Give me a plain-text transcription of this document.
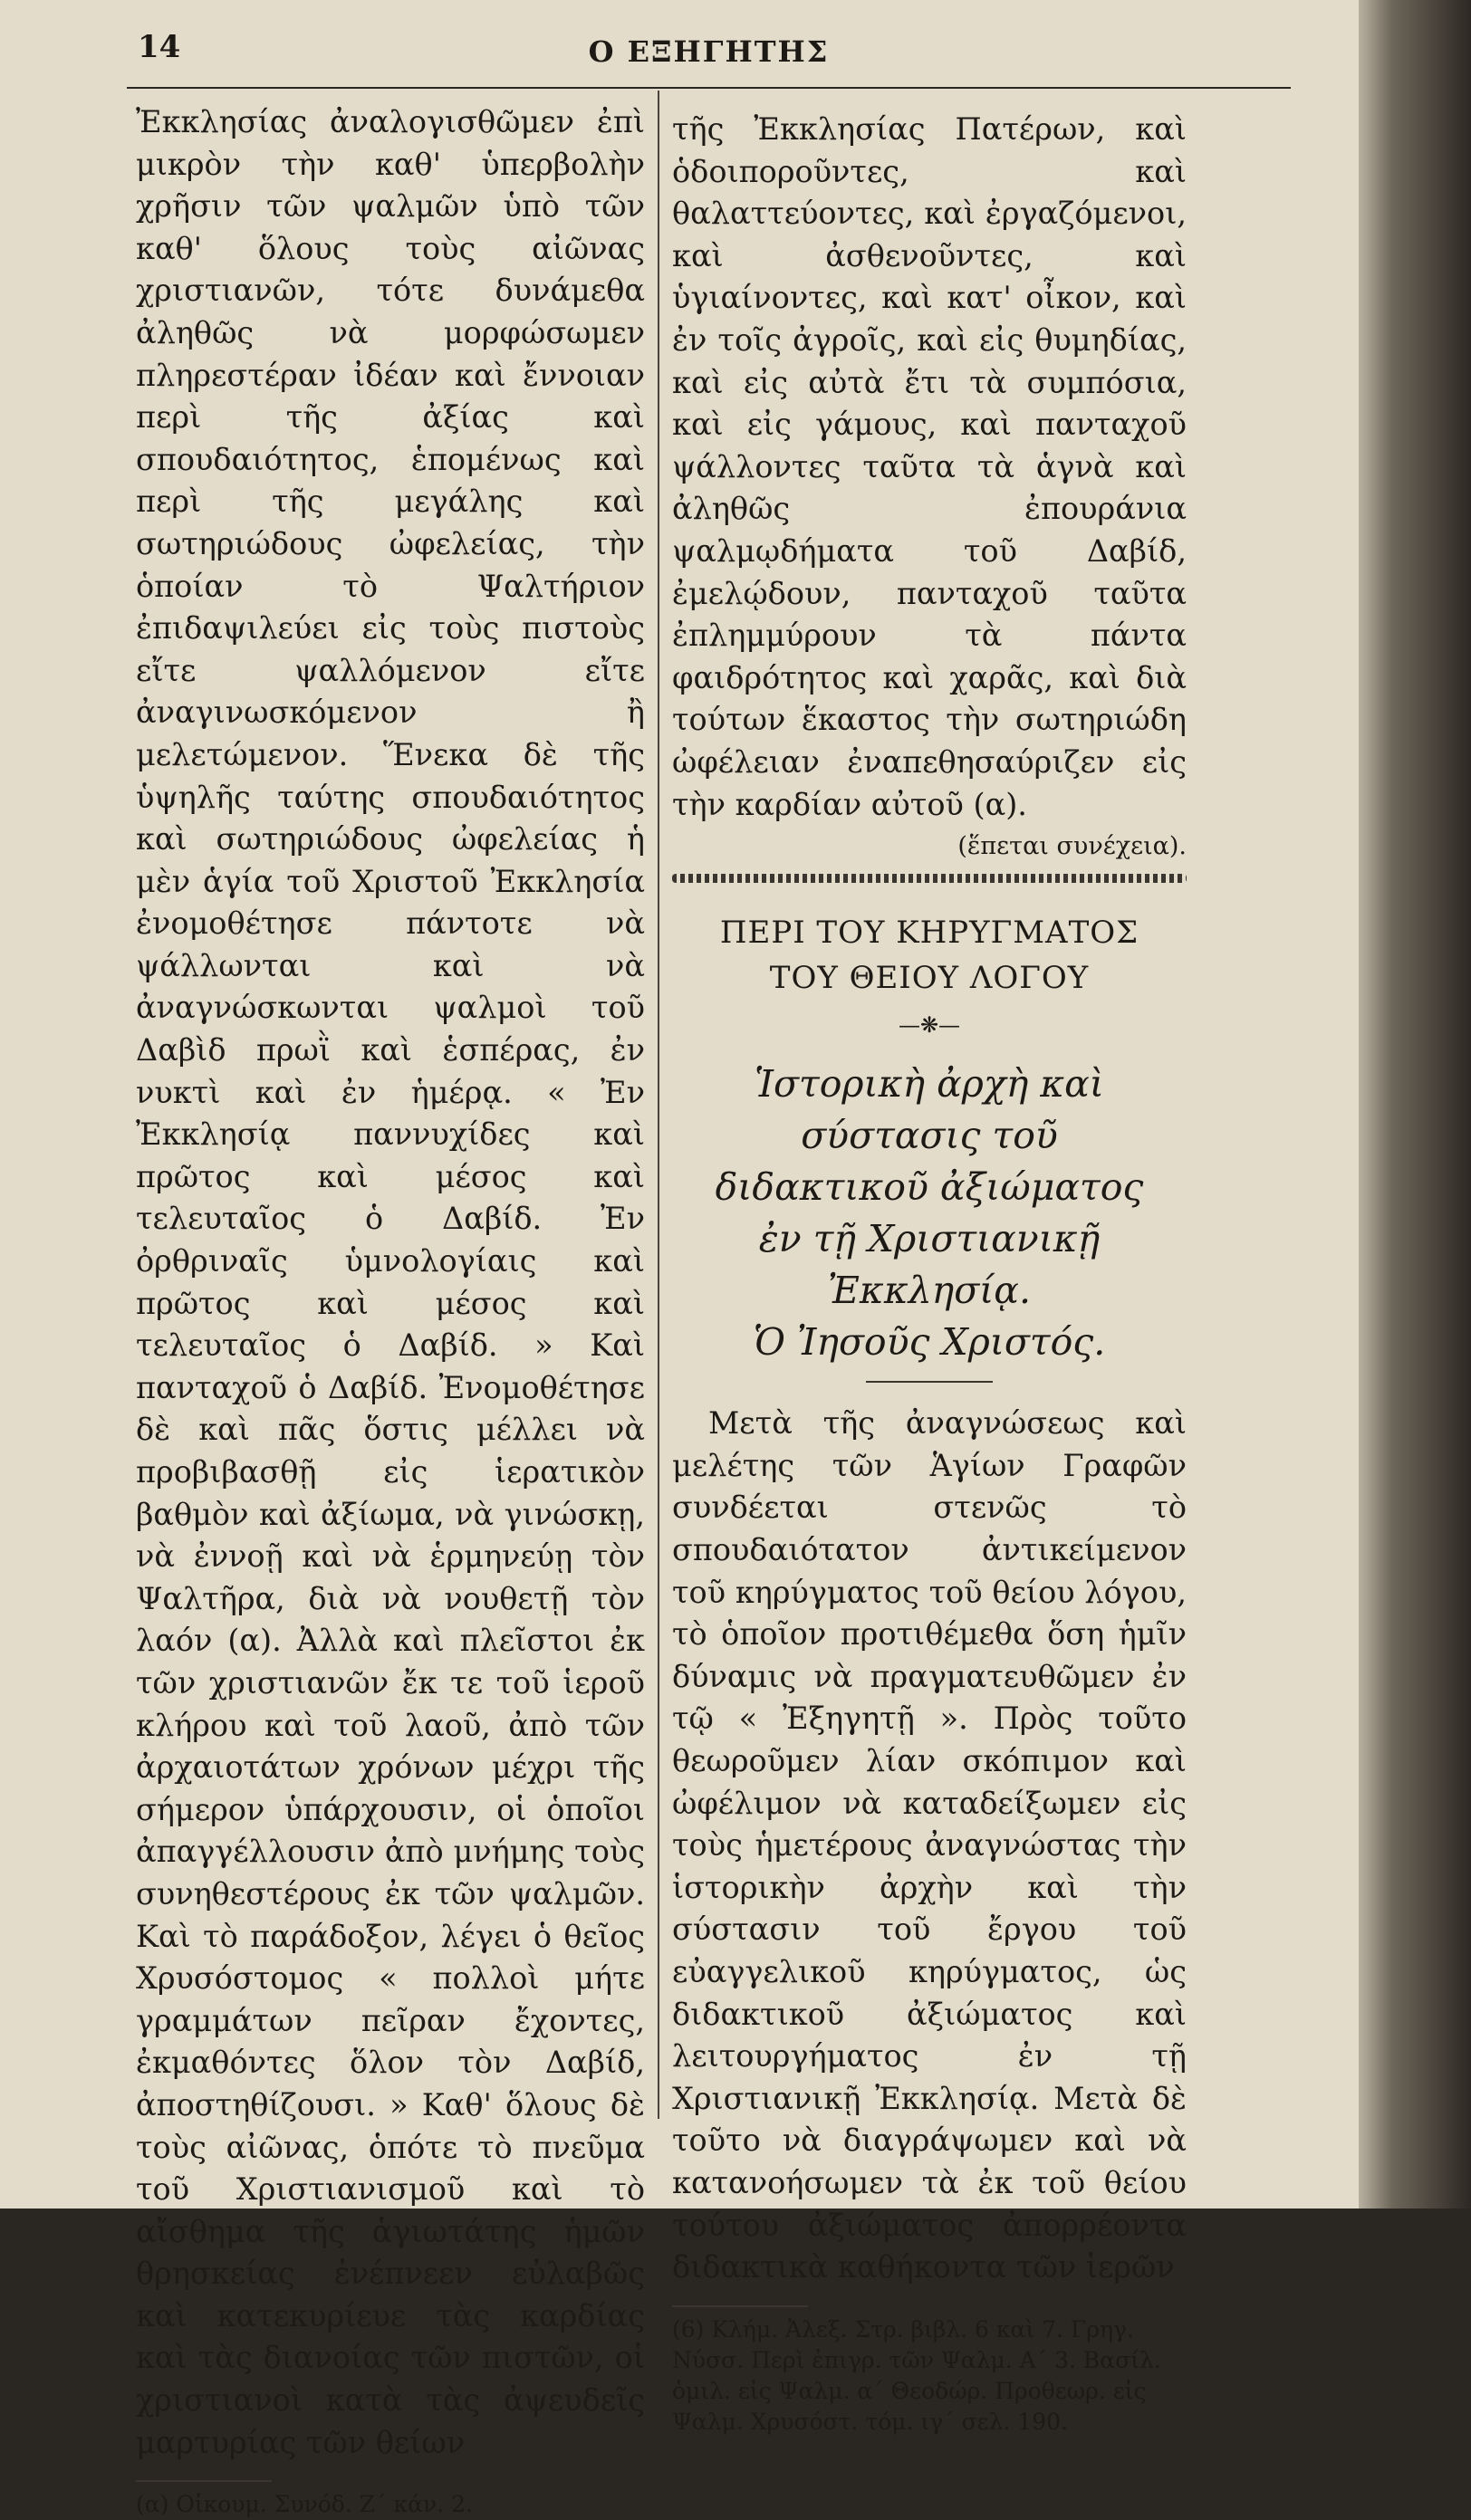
14	Ο ΕΞΗΓΗΤΗΣ

Ἐκκλησίας ἀναλογισθῶμεν ἐπὶ μικρὸν τὴν καθ' ὑπερβολὴν χρῆσιν τῶν ψαλμῶν ὑπὸ τῶν καθ' ὅλους τοὺς αἰῶνας χριστιανῶν, τότε δυνάμεθα ἀληθῶς νὰ μορφώσωμεν πληρεστέραν ἰδέαν καὶ ἔννοιαν περὶ τῆς ἀξίας καὶ σπουδαιότητος, ἑπομένως καὶ περὶ τῆς μεγάλης καὶ σωτηριώδους ὠφελείας, τὴν ὁποίαν τὸ Ψαλτήριον ἐπιδαψιλεύει εἰς τοὺς πιστοὺς εἴτε ψαλλόμενον εἴτε ἀναγινωσκόμενον ἢ μελετώμενον. Ἕνεκα δὲ τῆς ὑψηλῆς ταύτης σπουδαιότητος καὶ σωτηριώδους ὠφελείας ἡ μὲν ἁγία τοῦ Χριστοῦ Ἐκκλησία ἐνομοθέτησε πάντοτε νὰ ψάλλωνται καὶ νὰ ἀναγνώσκωνται ψαλμοὶ τοῦ Δαβὶδ πρωῒ καὶ ἑσπέρας, ἐν νυκτὶ καὶ ἐν ἡμέρᾳ. « Ἐν Ἐκκλησίᾳ παννυχίδες καὶ πρῶτος καὶ μέσος καὶ τελευταῖος ὁ Δαβίδ. Ἐν ὀρθριναῖς ὑμνολογίαις καὶ πρῶτος καὶ μέσος καὶ τελευταῖος ὁ Δαβίδ. » Καὶ πανταχοῦ ὁ Δαβίδ. Ἐνομοθέτησε δὲ καὶ πᾶς ὅστις μέλλει νὰ προβιβασθῇ εἰς ἱερατικὸν βαθμὸν καὶ ἀξίωμα, νὰ γινώσκῃ, νὰ ἐννοῇ καὶ νὰ ἑρμηνεύῃ τὸν Ψαλτῆρα, διὰ νὰ νουθετῇ τὸν λαόν (α). Ἀλλὰ καὶ πλεῖστοι ἐκ τῶν χριστιανῶν ἔκ τε τοῦ ἱεροῦ κλήρου καὶ τοῦ λαοῦ, ἀπὸ τῶν ἀρχαιοτάτων χρόνων μέχρι τῆς σήμερον ὑπάρχουσιν, οἱ ὁποῖοι ἀπαγγέλλουσιν ἀπὸ μνήμης τοὺς συνηθεστέρους ἐκ τῶν ψαλμῶν. Καὶ τὸ παράδοξον, λέγει ὁ θεῖος Χρυσόστομος « πολλοὶ μήτε γραμμάτων πεῖραν ἔχοντες, ἐκμαθόντες ὅλον τὸν Δαβίδ, ἀποστηθίζουσι. » Καθ' ὅλους δὲ τοὺς αἰῶνας, ὁπότε τὸ πνεῦμα τοῦ Χριστιανισμοῦ καὶ τὸ αἴσθημα τῆς ἁγιωτάτης ἡμῶν θρησκείας ἐνέπνεεν εὐλαβῶς καὶ κατεκυρίευε τὰς καρδίας καὶ τὰς διανοίας τῶν πιστῶν, οἱ χριστιανοὶ κατὰ τὰς ἀψευδεῖς μαρτυρίας τῶν θείων

(α) Οἰκουμ. Συνόδ. Ζ΄ κάν. 2.

τῆς Ἐκκλησίας Πατέρων, καὶ ὁδοιποροῦντες, καὶ θαλαττεύοντες, καὶ ἐργαζόμενοι, καὶ ἀσθενοῦντες, καὶ ὑγιαίνοντες, καὶ κατ' οἶκον, καὶ ἐν τοῖς ἀγροῖς, καὶ εἰς θυμηδίας, καὶ εἰς αὐτὰ ἔτι τὰ συμπόσια, καὶ εἰς γάμους, καὶ πανταχοῦ ψάλλοντες ταῦτα τὰ ἁγνὰ καὶ ἀληθῶς ἐπουράνια ψαλμῳδήματα τοῦ Δαβίδ, ἐμελῴδουν, πανταχοῦ ταῦτα ἐπλημμύρουν τὰ πάντα φαιδρότητος καὶ χαρᾶς, καὶ διὰ τούτων ἕκαστος τὴν σωτηριώδη ὠφέλειαν ἐναπεθησαύριζεν εἰς τὴν καρδίαν αὐτοῦ (α).

(ἕπεται συνέχεια).

ΠΕΡΙ ΤΟΥ ΚΗΡΥΓΜΑΤΟΣ

ΤΟΥ ΘΕΙΟΥ ΛΟΓΟΥ

—❋—

Ἱστορικὴ ἀρχὴ καὶ σύστασις τοῦ

διδακτικοῦ ἀξιώματος

ἐν τῇ Χριστιανικῇ Ἐκκλησίᾳ.

Ὁ Ἰησοῦς Χριστός.

Μετὰ τῆς ἀναγνώσεως καὶ μελέτης τῶν Ἁγίων Γραφῶν συνδέεται στενῶς τὸ σπουδαιότατον ἀντικείμενον τοῦ κηρύγματος τοῦ θείου λόγου, τὸ ὁποῖον προτιθέμεθα ὅση ἡμῖν δύναμις νὰ πραγματευθῶμεν ἐν τῷ « Ἐξηγητῇ ». Πρὸς τοῦτο θεωροῦμεν λίαν σκόπιμον καὶ ὠφέλιμον νὰ καταδείξωμεν εἰς τοὺς ἡμετέρους ἀναγνώστας τὴν ἱστορικὴν ἀρχὴν καὶ τὴν σύστασιν τοῦ ἔργου τοῦ εὐαγγελικοῦ κηρύγματος, ὡς διδακτικοῦ ἀξιώματος καὶ λειτουργήματος ἐν τῇ Χριστιανικῇ Ἐκκλησίᾳ. Μετὰ δὲ τοῦτο νὰ διαγράψωμεν καὶ νὰ κατανοήσωμεν τὰ ἐκ τοῦ θείου τούτου ἀξιώματος ἀπορρέοντα διδακτικὰ καθήκοντα τῶν ἱερῶν

(6) Κλήμ. Ἀλεξ. Στρ. βιβλ. 6 καὶ 7. Γρηγ. Νύσσ. Περὶ ἐπιγρ. τῶν Ψαλμ. Α΄ 3. Βασίλ. ὁμιλ. εἰς Ψαλμ. α΄ Θεοδώρ. Προθεωρ. εἰς Ψαλμ. Χρυσόστ. τόμ. ιγ΄ σελ. 190.
